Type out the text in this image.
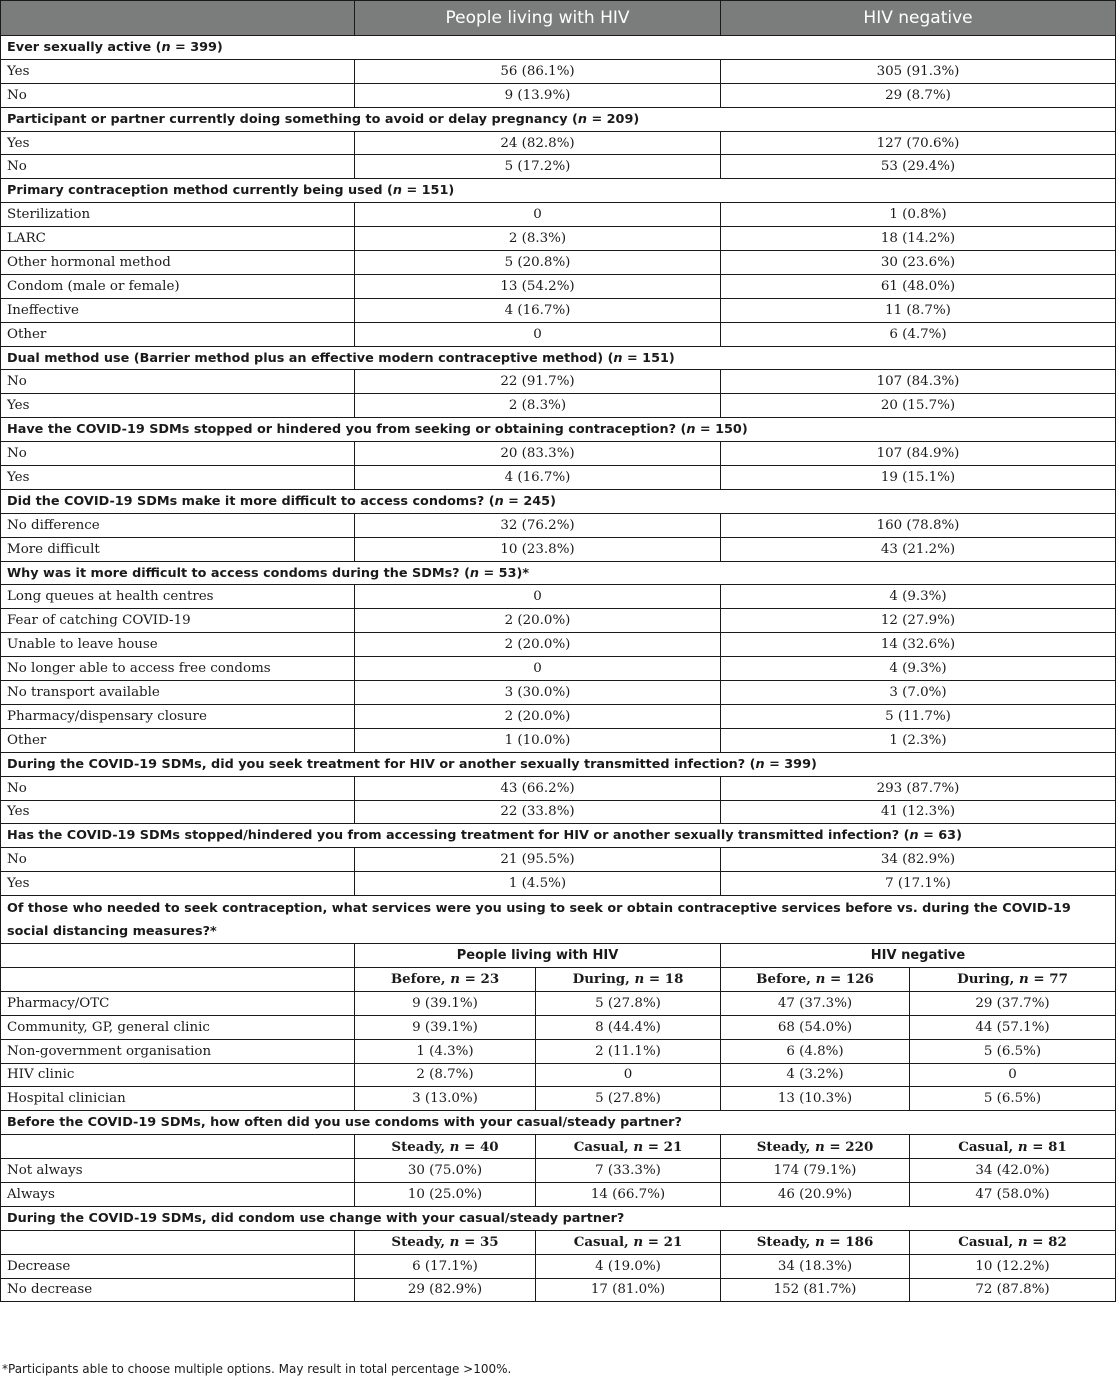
	People living with HIV		HIV negative	
Ever sexually active (n = 399)				
Yes	56 (86.1%)		305 (91.3%)	
No	9 (13.9%)		29 (8.7%)	
Participant or partner currently doing something to avoid or delay pregnancy (n = 209)				
Yes	24 (82.8%)		127 (70.6%)	
No	5 (17.2%)		53 (29.4%)	
Primary contraception method currently being used (n = 151)				
Sterilization	0		1 (0.8%)	
LARC	2 (8.3%)		18 (14.2%)	
Other hormonal method	5 (20.8%)		30 (23.6%)	
Condom (male or female)	13 (54.2%)		61 (48.0%)	
Ineffective	4 (16.7%)		11 (8.7%)	
Other	0		6 (4.7%)	
Dual method use (Barrier method plus an effective modern contraceptive method) (n = 151)				
No	22 (91.7%)		107 (84.3%)	
Yes	2 (8.3%)		20 (15.7%)	
Have the COVID-19 SDMs stopped or hindered you from seeking or obtaining contraception? (n = 150)				
No	20 (83.3%)		107 (84.9%)	
Yes	4 (16.7%)		19 (15.1%)	
Did the COVID-19 SDMs make it more difficult to access condoms? (n = 245)				
No difference	32 (76.2%)		160 (78.8%)	
More difficult	10 (23.8%)		43 (21.2%)	
Why was it more difficult to access condoms during the SDMs? (n = 53)*				
Long queues at health centres	0		4 (9.3%)	
Fear of catching COVID-19	2 (20.0%)		12 (27.9%)	
Unable to leave house	2 (20.0%)		14 (32.6%)	
No longer able to access free condoms	0		4 (9.3%)	
No transport available	3 (30.0%)		3 (7.0%)	
Pharmacy/dispensary closure	2 (20.0%)		5 (11.7%)	
Other	1 (10.0%)		1 (2.3%)	
During the COVID-19 SDMs, did you seek treatment for HIV or another sexually transmitted infection? (n = 399)				
No	43 (66.2%)		293 (87.7%)	
Yes	22 (33.8%)		41 (12.3%)	
Has the COVID-19 SDMs stopped/hindered you from accessing treatment for HIV or another sexually transmitted infection? (n = 63)				
No	21 (95.5%)		34 (82.9%)	
Yes	1 (4.5%)		7 (17.1%)	
Of those who needed to seek contraception, what services were you using to seek or obtain contraceptive services before vs. during the COVID-19 social distancing measures?*				
	People living with HIV		HIV negative	
	Before, n = 23	During, n = 18	Before, n = 126	During, n = 77
Pharmacy/OTC	9 (39.1%)	5 (27.8%)	47 (37.3%)	29 (37.7%)
Community, GP, general clinic	9 (39.1%)	8 (44.4%)	68 (54.0%)	44 (57.1%)
Non-government organisation	1 (4.3%)	2 (11.1%)	6 (4.8%)	5 (6.5%)
HIV clinic	2 (8.7%)	0	4 (3.2%)	0
Hospital clinician	3 (13.0%)	5 (27.8%)	13 (10.3%)	5 (6.5%)
Before the COVID-19 SDMs, how often did you use condoms with your casual/steady partner?				
	Steady, n = 40	Casual, n = 21	Steady, n = 220	Casual, n = 81
Not always	30 (75.0%)	7 (33.3%)	174 (79.1%)	34 (42.0%)
Always	10 (25.0%)	14 (66.7%)	46 (20.9%)	47 (58.0%)
During the COVID-19 SDMs, did condom use change with your casual/steady partner?				
	Steady, n = 35	Casual, n = 21	Steady, n = 186	Casual, n = 82
Decrease	6 (17.1%)	4 (19.0%)	34 (18.3%)	10 (12.2%)
No decrease	29 (82.9%)	17 (81.0%)	152 (81.7%)	72 (87.8%)
*Participants able to choose multiple options. May result in total percentage >100%.
